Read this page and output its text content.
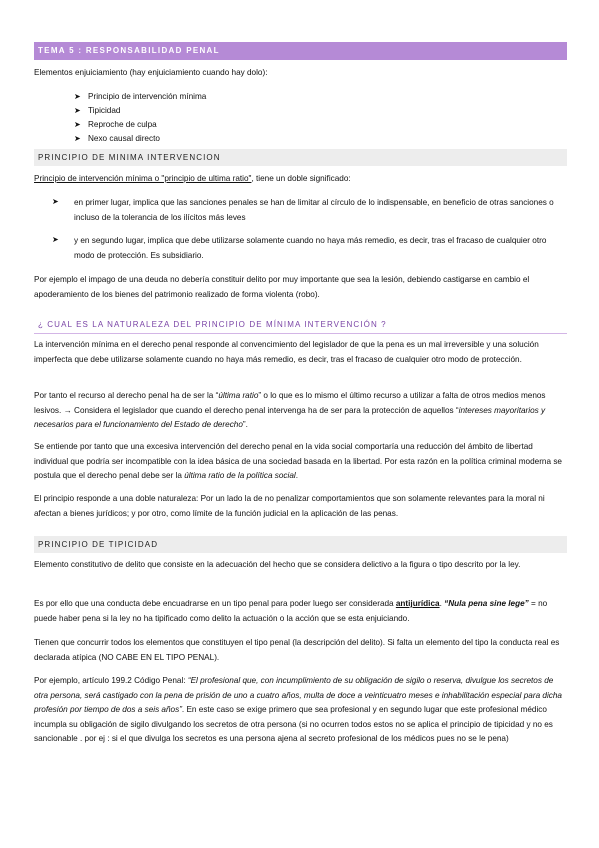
TEMA 5 : RESPONSABILIDAD PENAL
Elementos enjuiciamiento (hay enjuiciamiento cuando hay dolo):
➤ Principio de intervención mínima
➤ Tipicidad
➤ Reproche de culpa
➤ Nexo causal directo
PRINCIPIO DE MINIMA INTERVENCION
Principio de intervención mínima o "principio de ultima ratio", tiene un doble significado:
➤ en primer lugar, implica que las sanciones penales se han de limitar al círculo de lo indispensable, en beneficio de otras sanciones o incluso de la tolerancia de los ilícitos más leves
➤ y en segundo lugar, implica que debe utilizarse solamente cuando no haya más remedio, es decir, tras el fracaso de cualquier otro modo de protección. Es subsidiario.
Por ejemplo el impago de una deuda no debería constituir delito por muy importante que sea la lesión, debiendo castigarse en cambio el apoderamiento de los bienes del patrimonio realizado de forma violenta (robo).
¿ CUAL ES LA NATURALEZA DEL PRINCIPIO DE MÍNIMA INTERVENCIÓN ?
La intervención mínima en el derecho penal responde al convencimiento del legislador de que la pena es un mal irreversible y una solución imperfecta que debe utilizarse solamente cuando no haya más remedio, es decir, tras el fracaso de cualquier otro modo de protección.
Por tanto el recurso al derecho penal ha de ser la “última ratio” o lo que es lo mismo el último recurso a utilizar a falta de otros medios menos lesivos. → Considera el legislador que cuando el derecho penal intervenga ha de ser para la protección de aquellos “intereses mayoritarios y necesarios para el funcionamiento del Estado de derecho”.
Se entiende por tanto que una excesiva intervención del derecho penal en la vida social comportaría una reducción del ámbito de libertad individual que podría ser incompatible con la idea básica de una sociedad basada en la libertad. Por esta razón en la política criminal moderna se postula que el derecho penal debe ser la última ratio de la política social.
El principio responde a una doble naturaleza: Por un lado la de no penalizar comportamientos que son solamente relevantes para la moral ni afectan a bienes jurídicos; y por otro, como límite de la función judicial en la aplicación de las penas.
PRINCIPIO DE TIPICIDAD
Elemento constitutivo de delito que consiste en la adecuación del hecho que se considera delictivo a la figura o tipo descrito por la ley.
Es por ello que una conducta debe encuadrarse en un tipo penal para poder luego ser considerada antijurídica. “Nula pena sine lege” = no puede haber pena si la ley no ha tipificado como delito la actuación o la acción que se esta enjuiciando.
Tienen que concurrir todos los elementos que constituyen el tipo penal (la descripción del delito). Si falta un elemento del tipo la conducta real es declarada atípica (NO CABE EN EL TIPO PENAL).
Por ejemplo, artículo 199.2 Código Penal: “El profesional que, con incumplimiento de su obligación de sigilo o reserva, divulgue los secretos de otra persona, será castigado con la pena de prisión de uno a cuatro años, multa de doce a veinticuatro meses e inhabilitación especial para dicha profesión por tiempo de dos a seis años”. En este caso se exige primero que sea profesional y en segundo lugar que este profesional médico incumpla su obligación de sigilo divulgando los secretos de otra persona (si no ocurren todos estos no se aplica el principio de tipicidad y no es sancionable . por ej : si el que divulga los secretos es una persona ajena al secreto profesional de los médicos pues no se le pena)
